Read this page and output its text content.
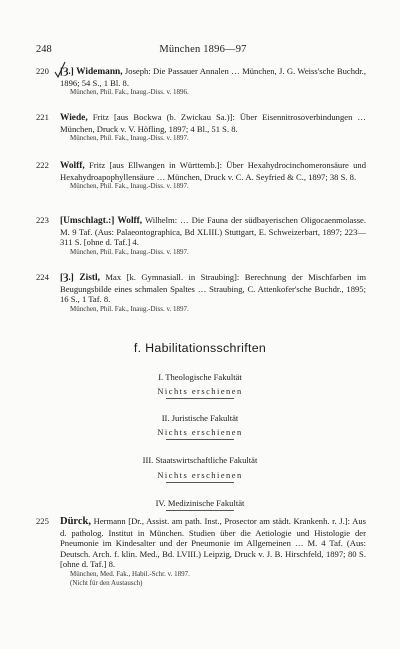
248	München 1896—97
220	[Ȝ.] Widemann, Joseph: Die Passauer Annalen … München, J. G. Weiss'sche Buchdr., 1896; 54 S., 1 Bl. 8.
München, Phil. Fak., Inaug.-Diss. v. 1896.
221	Wiede, Fritz [aus Bockwa (b. Zwickau Sa.)]: Über Eisennitrosoverbindungen … München, Druck v. V. Höfling, 1897; 4 Bl., 51 S. 8.
München, Phil. Fak., Inaug.-Diss. v. 1897.
222	Wolff, Fritz [aus Ellwangen in Württemb.]: Über Hexahydrocinchomeronsäure und Hexahydroapophyllensäure … München, Druck v. C. A. Seyfried & C., 1897; 38 S. 8.
München, Phil. Fak., Inaug.-Diss. v. 1897.
223	[Umschlagt.:] Wolff, Wilhelm: … Die Fauna der südbayerischen Oligocaenmolasse. M. 9 Taf. (Aus: Palaeontographica, Bd XLIII.) Stuttgart, E. Schweizerbart, 1897; 223—311 S. [ohne d. Taf.] 4.
München, Phil. Fak., Inaug.-Diss. v. 1897.
224	[Ȝ.] Zistl, Max [k. Gymnasiall. in Straubing]: Berechnung der Mischfarben im Beugungsbilde eines schmalen Spaltes … Straubing, C. Attenkofer'sche Buchdr., 1895; 16 S., 1 Taf. 8.
München, Phil. Fak., Inaug.-Diss. v. 1897.
f. Habilitationsschriften
I. Theologische Fakultät
Nichts erschienen
II. Juristische Fakultät
Nichts erschienen
III. Staatswirtschaftliche Fakultät
Nichts erschienen
IV. Medizinische Fakultät
225	Dürck, Hermann [Dr., Assist. am path. Inst., Prosector am städt. Krankenh. r. J.]: Aus d. patholog. Institut in München. Studien über die Aetiologie und Histologie der Pneumonie im Kindesalter und der Pneumonie im Allgemeinen … M. 4 Taf. (Aus: Deutsch. Arch. f. klin. Med., Bd. LVIII.) Leipzig, Druck v. J. B. Hirschfeld, 1897; 80 S. [ohne d. Taf.] 8.
München, Med. Fak., Habil.-Schr. v. 1897.
(Nicht für den Austausch)
